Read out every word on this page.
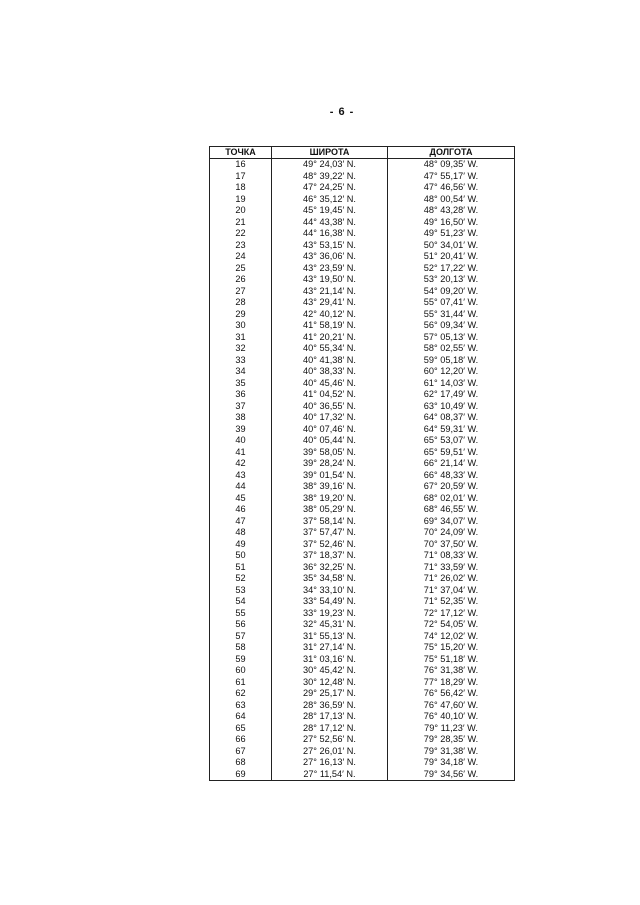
- 6 -
ТОЧКА	ШИРОТА	ДОЛГОТА
16	49° 24,03′ N.	48° 09,35′ W.
17	48° 39,22′ N.	47° 55,17′ W.
18	47° 24,25′ N.	47° 46,56′ W.
19	46° 35,12′ N.	48° 00,54′ W.
20	45° 19,45′ N.	48° 43,28′ W.
21	44° 43,38′ N.	49° 16,50′ W.
22	44° 16,38′ N.	49° 51,23′ W.
23	43° 53,15′ N.	50° 34,01′ W.
24	43° 36,06′ N.	51° 20,41′ W.
25	43° 23,59′ N.	52° 17,22′ W.
26	43° 19,50′ N.	53° 20,13′ W.
27	43° 21,14′ N.	54° 09,20′ W.
28	43° 29,41′ N.	55° 07,41′ W.
29	42° 40,12′ N.	55° 31,44′ W.
30	41° 58,19′ N.	56° 09,34′ W.
31	41° 20,21′ N.	57° 05,13′ W.
32	40° 55,34′ N.	58° 02,55′ W.
33	40° 41,38′ N.	59° 05,18′ W.
34	40° 38,33′ N.	60° 12,20′ W.
35	40° 45,46′ N.	61° 14,03′ W.
36	41° 04,52′ N.	62° 17,49′ W.
37	40° 36,55′ N.	63° 10,49′ W.
38	40° 17,32′ N.	64° 08,37′ W.
39	40° 07,46′ N.	64° 59,31′ W.
40	40° 05,44′ N.	65° 53,07′ W.
41	39° 58,05′ N.	65° 59,51′ W.
42	39° 28,24′ N.	66° 21,14′ W.
43	39° 01,54′ N.	66° 48,33′ W.
44	38° 39,16′ N.	67° 20,59′ W.
45	38° 19,20′ N.	68° 02,01′ W.
46	38° 05,29′ N.	68° 46,55′ W.
47	37° 58,14′ N.	69° 34,07′ W.
48	37° 57,47′ N.	70° 24,09′ W.
49	37° 52,46′ N.	70° 37,50′ W.
50	37° 18,37′ N.	71° 08,33′ W.
51	36° 32,25′ N.	71° 33,59′ W.
52	35° 34,58′ N.	71° 26,02′ W.
53	34° 33,10′ N.	71° 37,04′ W.
54	33° 54,49′ N.	71° 52,35′ W.
55	33° 19,23′ N.	72° 17,12′ W.
56	32° 45,31′ N.	72° 54,05′ W.
57	31° 55,13′ N.	74° 12,02′ W.
58	31° 27,14′ N.	75° 15,20′ W.
59	31° 03,16′ N.	75° 51,18′ W.
60	30° 45,42′ N.	76° 31,38′ W.
61	30° 12,48′ N.	77° 18,29′ W.
62	29° 25,17′ N.	76° 56,42′ W.
63	28° 36,59′ N.	76° 47,60′ W.
64	28° 17,13′ N.	76° 40,10′ W.
65	28° 17,12′ N.	79° 11,23′ W.
66	27° 52,56′ N.	79° 28,35′ W.
67	27° 26,01′ N.	79° 31,38′ W.
68	27° 16,13′ N.	79° 34,18′ W.
69	27° 11,54′ N.	79° 34,56′ W.
